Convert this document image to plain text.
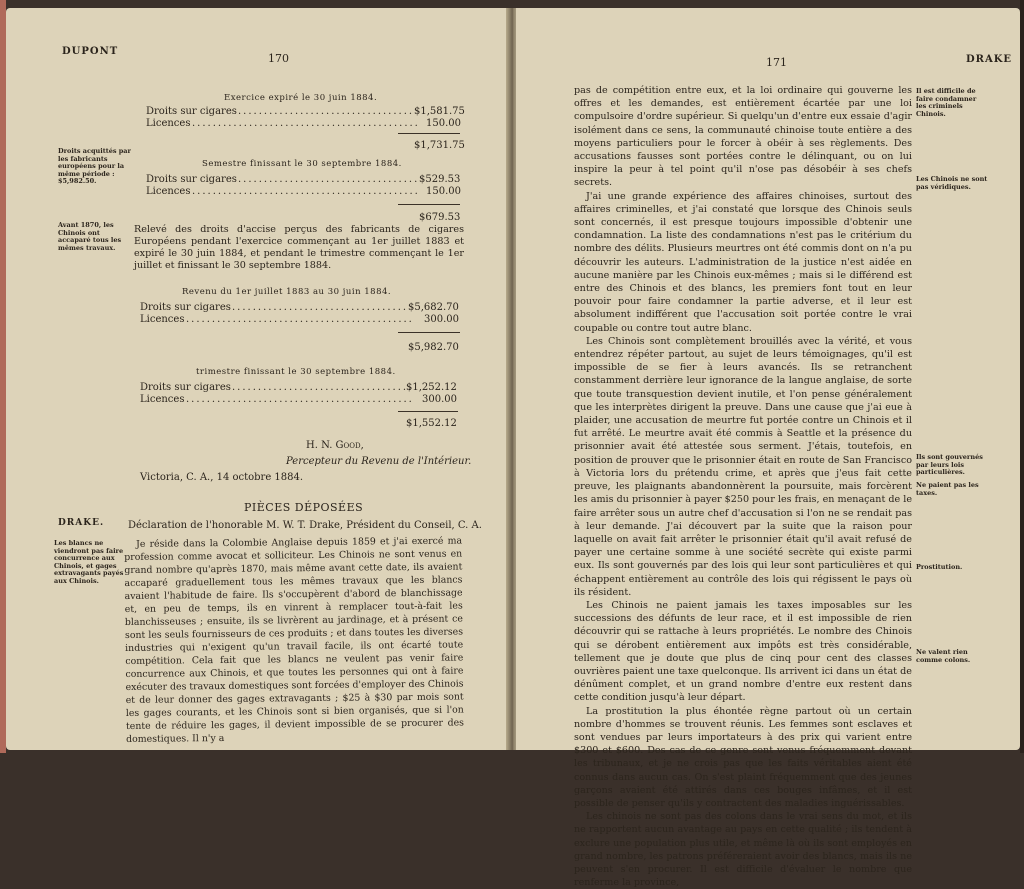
DUPONT
170
Exercice expiré le 30 juin 1884.
Droits sur cigares .................................. $1,581.75
Licences ............................................ 150.00
$1,731.75
Droits acquittés par les fabricants européens pour la même période : $5,982.50.
Semestre finissant le 30 septembre 1884.
Droits sur cigares ................................... $529.53
Licences ............................................ 150.00
$679.53
Avant 1870, les Chinois ont accaparé tous les mêmes travaux.
Relevé des droits d'accise perçus des fabricants de cigares Européens pendant l'exercice commençant au 1er juillet 1883 et expiré le 30 juin 1884, et pendant le trimestre commençant le 1er juillet et finissant le 30 septembre 1884.
Revenu du 1er juillet 1883 au 30 juin 1884.
Droits sur cigares .................................. $5,682.70
Licences ............................................ 300.00
$5,982.70
trimestre finissant le 30 septembre 1884.
Droits sur cigares ...................................
$1,252.12
Licences ............................................ 300.00
$1,552.12
H. N. Good,
Percepteur du Revenu de l'Intérieur.
Victoria, C. A., 14 octobre 1884.
PIÈCES DÉPOSÉES
DRAKE. Déclaration de l'honorable M. W. T. Drake, Président du Conseil, C. A.
Les blancs ne viendront pas faire concurrence aux Chinois, et gages extravagants payés aux Chinois.

Je réside dans la Colombie Anglaise depuis 1859 et j'ai exercé ma profession comme avocat et solliciteur. Les Chinois ne sont venus en grand nombre qu'après 1870, mais même avant cette date, ils avaient accaparé graduellement tous les mêmes travaux que les blancs avaient l'habitude de faire. Ils s'occupèrent d'abord de blanchissage et, en peu de temps, ils en vinrent à remplacer tout-à-fait les blanchisseuses ; ensuite, ils se livrèrent au jardinage, et à présent ce sont les seuls fournisseurs de ces produits ; et dans toutes les diverses industries qui n'exigent qu'un travail facile, ils ont écarté toute compétition. Cela fait que les blancs ne veulent pas venir faire concurrence aux Chinois, et que toutes les personnes qui ont à faire exécuter des travaux domestiques sont forcées d'employer des Chinois et de leur donner des gages extravagants ; $25 à $30 par mois sont les gages courants, et les Chinois sont si bien organisés, que si l'on tente de réduire les gages, il devient impossible de se procurer des domestiques. Il n'y a

171	DRAKE

pas de compétition entre eux, et la loi ordinaire qui gouverne les offres et les demandes, est entièrement écartée par une loi compulsoire d'ordre supérieur. Si quelqu'un d'entre eux essaie d'agir isolément dans ce sens, la communauté chinoise toute entière a des moyens particuliers pour le forcer à obéir à ses règlements. Des accusations fausses sont portées contre le délinquant, ou on lui inspire la peur à tel point qu'il n'ose pas désobéir à ses chefs secrets.

J'ai une grande expérience des affaires chinoises, surtout des affaires criminelles, et j'ai constaté que lorsque des Chinois seuls sont concernés, il est presque toujours impossible d'obtenir une condamnation. La liste des condamnations n'est pas le critérium du nombre des délits. Plusieurs meurtres ont été commis dont on n'a pu découvrir les auteurs. L'administration de la justice n'est aidée en aucune manière par les Chinois eux-mêmes ; mais si le différend est entre des Chinois et des blancs, les premiers font tout en leur pouvoir pour faire condamner la partie adverse, et il leur est absolument indifférent que l'accusation soit portée contre le vrai coupable ou contre tout autre blanc.

Les Chinois sont complètement brouillés avec la vérité, et vous entendrez répéter partout, au sujet de leurs témoignages, qu'il est impossible de se fier à leurs avancés. Ils se retranchent constamment derrière leur ignorance de la langue anglaise, de sorte que toute transquestion devient inutile, et l'on pense généralement que les interprètes dirigent la preuve. Dans une cause que j'ai eue à plaider, une accusation de meurtre fut portée contre un Chinois et il fut arrêté. Le meurtre avait été commis à Seattle et la présence du prisonnier avait été attestée sous serment. J'étais, toutefois, en position de prouver que le prisonnier était en route de San Francisco à Victoria lors du prétendu crime, et après que j'eus fait cette preuve, les plaignants abandonnèrent la poursuite, mais forcèrent les amis du prisonnier à payer $250 pour les frais, en menaçant de le faire arrêter sous un autre chef d'accusation si l'on ne se rendait pas à leur demande. J'ai découvert par la suite que la raison pour laquelle on avait fait arrêter le prisonnier était qu'il avait refusé de payer une certaine somme à une société secrète qui existe parmi eux. Ils sont gouvernés par des lois qui leur sont particulières et qui échappent entièrement au contrôle des lois qui régissent le pays où ils résident.

Les Chinois ne paient jamais les taxes imposables sur les successions des défunts de leur race, et il est impossible de rien découvrir qui se rattache à leurs propriétés. Le nombre des Chinois qui se dérobent entièrement aux impôts est très considérable, tellement que je doute que plus de cinq pour cent des classes ouvrières paient une taxe quelconque. Ils arrivent ici dans un état de dénûment complet, et un grand nombre d'entre eux restent dans cette condition jusqu'à leur départ.

La prostitution la plus éhontée règne partout où un certain nombre d'hommes se trouvent réunis. Les femmes sont esclaves et sont vendues par leurs importateurs à des prix qui varient entre $300 et $600. Des cas de ce genre sont venus fréquemment devant les tribunaux, et je ne crois pas que les faits véritables aient été connus dans aucun cas. On s'est plaint fréquemment que des jeunes garçons avaient été attirés dans ces bouges infâmes, et il est possible de penser qu'ils y contractent des maladies inguérissables.

Les chinois ne sont pas des colons dans le vrai sens du mot, et ils ne rapportent aucun avantage au pays en cette qualité ; ils tendent à exclure une population plus utile, et même là où ils sont employés en grand nombre, les patrons préféreraient avoir des blancs, mais ils ne peuvent s'en procurer. Il est difficile d'évaluer le nombre que renferme la province,

Il est difficile de faire condamner les criminels Chinois.
Les Chinois ne sont pas véridiques.
Ils sont gouvernés par leurs lois particulières.
Ne paient pas les taxes.
Prostitution.
Ne valent rien comme colons.
